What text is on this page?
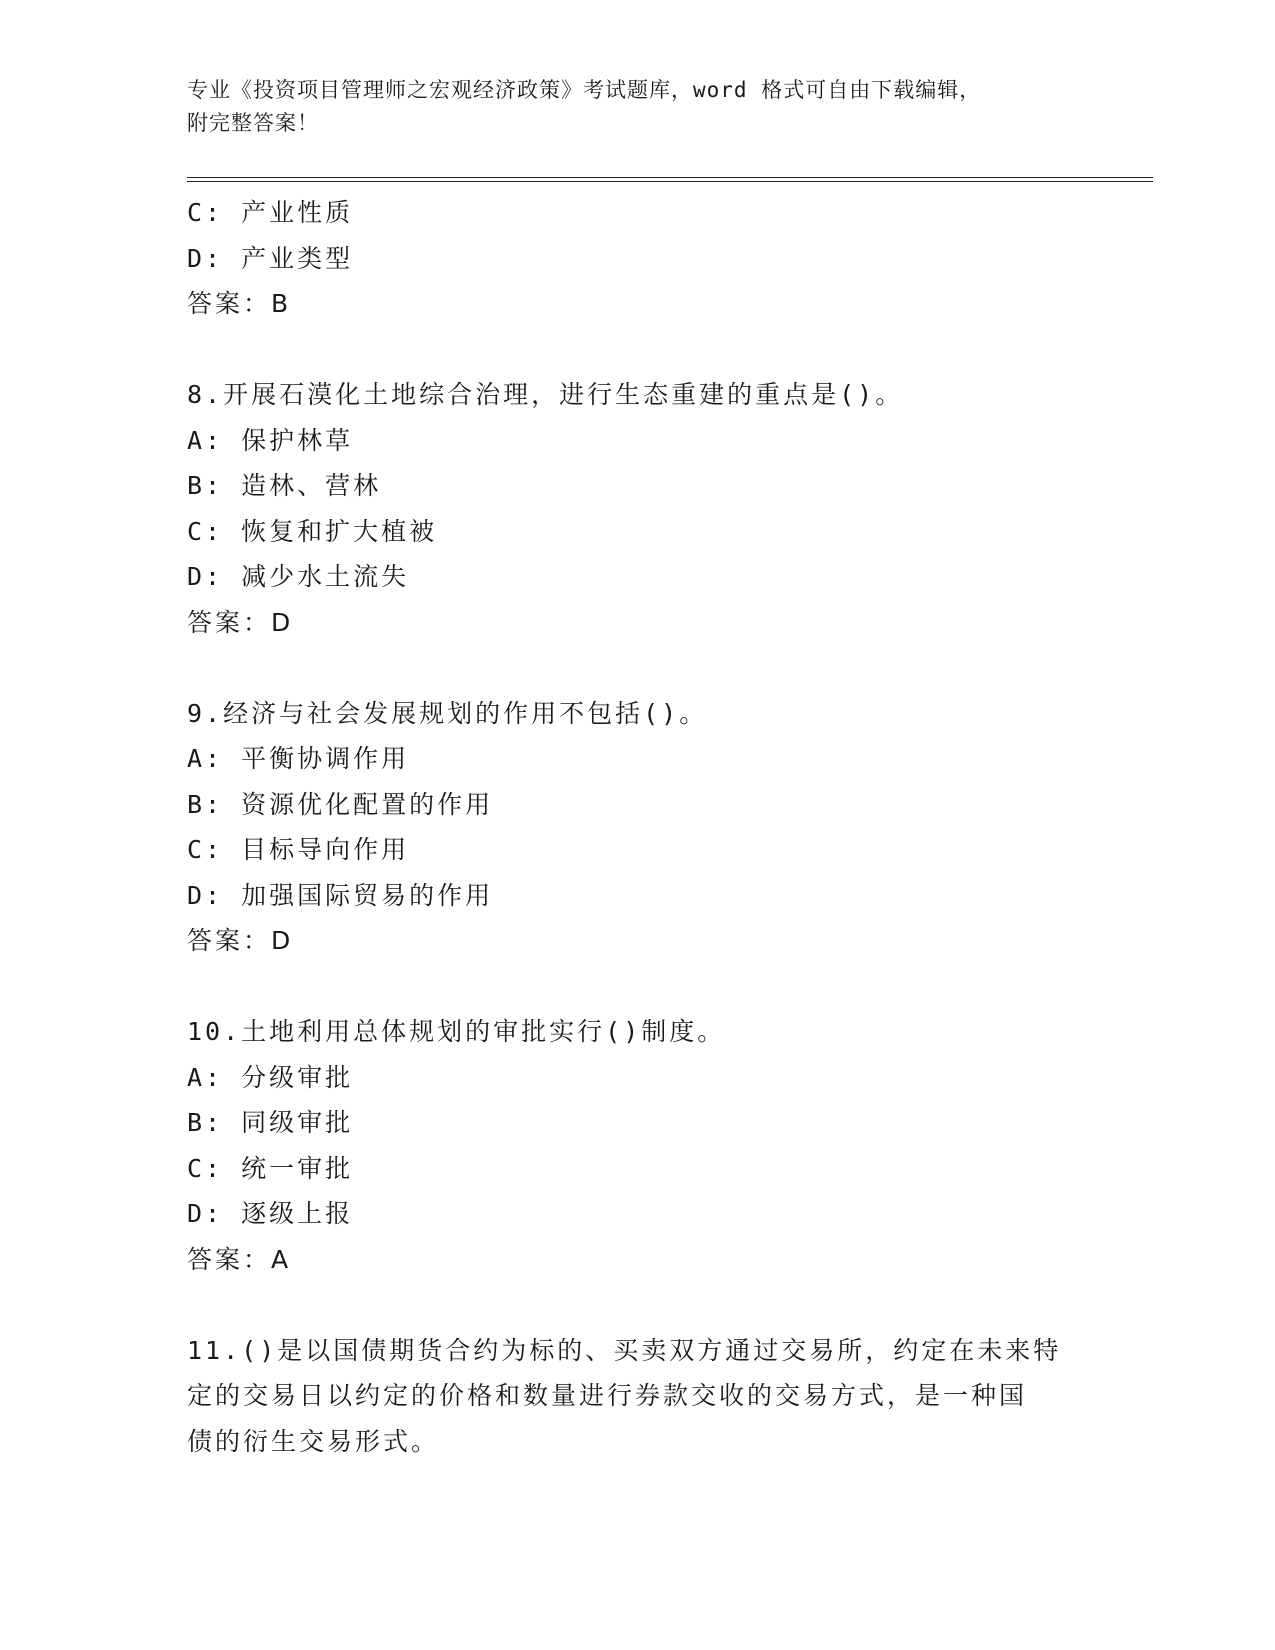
专业《投资项目管理师之宏观经济政策》考试题库，word 格式可自由下载编辑，
附完整答案！
C: 产业性质
D: 产业类型
答案：B
8.开展石漠化土地综合治理，进行生态重建的重点是()。
A: 保护林草
B: 造林、营林
C: 恢复和扩大植被
D: 减少水土流失
答案：D
9.经济与社会发展规划的作用不包括()。
A: 平衡协调作用
B: 资源优化配置的作用
C: 目标导向作用
D: 加强国际贸易的作用
答案：D
10.土地利用总体规划的审批实行()制度。
A: 分级审批
B: 同级审批
C: 统一审批
D: 逐级上报
答案：A
11.()是以国债期货合约为标的、买卖双方通过交易所，约定在未来特
定的交易日以约定的价格和数量进行券款交收的交易方式，是一种国
债的衍生交易形式。
